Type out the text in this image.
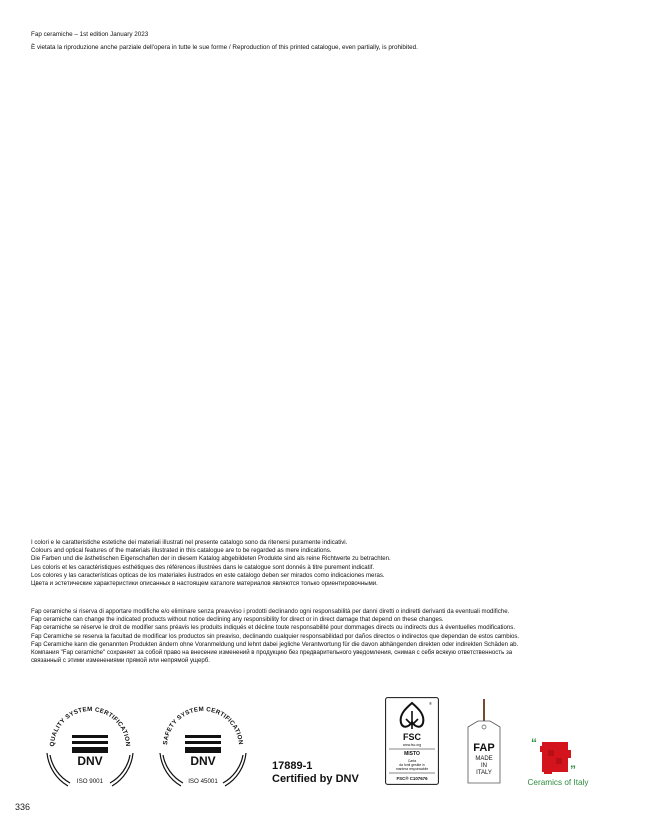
Fap ceramiche – 1st edition January 2023
È vietata la riproduzione anche parziale dell'opera in tutte le sue forme / Reproduction of this printed catalogue, even partially, is prohibited.
I colori e le caratteristiche estetiche dei materiali illustrati nel presente catalogo sono da ritenersi puramente indicativi.
Colours and optical features of the materials illustrated in this catalogue are to be regarded as mere indications.
Die Farben und die ästhetischen Eigenschaften der in diesem Katalog abgebildeten Produkte sind als reine Richtwerte zu betrachten.
Les coloris et les caractéristiques esthétiques des références illustrées dans le catalogue sont donnés à titre purement indicatif.
Los colores y las características opticas de los materiales ilustrados en este catalogo deben ser mirados como indicaciones meras.
Цвета и эстетические характеристики описанных в настоящем каталоге материалов являются только ориентировочными.
Fap ceramiche si riserva di apportare modifiche e/o eliminare senza preavviso i prodotti declinando ogni responsabilità per danni diretti o indiretti derivanti da eventuali modifiche.
Fap ceramiche can change the indicated products without notice declining any responsibility for direct or in direct damage that depend on these changes.
Fap ceramiche se réserve le droit de modifier sans préavis les produits indiqués et décline toute responsabilité pour dommages directs ou indirects dus à éventuelles modifications.
Fap Ceramiche se reserva la facultad de modificar los productos sin preaviso, declinando cualquier responsabilidad por daños directos o indirectos que dependan de estos cambios.
Fap Ceramiche kann die genannten Produkten ändern ohne Voranmeldung und lehnt dabei jegliche Verantwortung für die davon abhängenden direkten oder indirekten Schäden ab.
Компания "Fap ceramiche" сохраняет за собой право на внесение изменений в продукцию без предварительного уведомления, снимая с себя всякую ответственность за
связанный с этими изменениями прямой или непрямой ущерб.
QUALITY SYSTEM CERTIFICATION
DNV
ISO 9001
SAFETY SYSTEM CERTIFICATION
DNV
ISO 45001
17889-1
Certified by DNV
®
FSC
www.fsc.org
MISTO
Carta
da fonti gestite in
maniera responsabile
FSC® C107676
FAP
MADE
IN
ITALY
“
”
Ceramics of Italy
336
